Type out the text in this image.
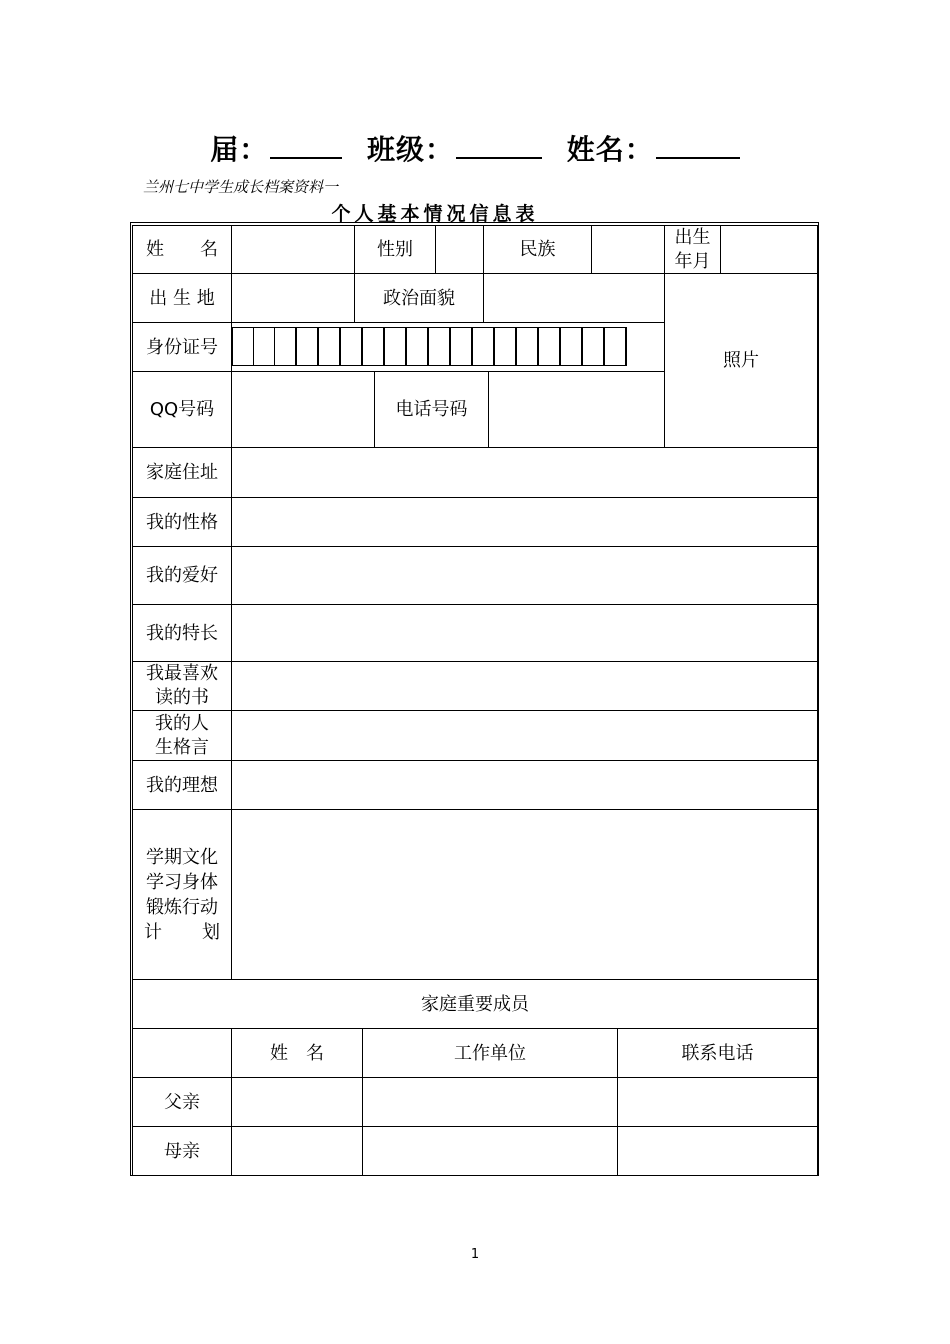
届：	班级：	姓名：
兰州七中学生成长档案资料一
个人基本情况信息表
姓　　名	性别	民族
出生
年月
出 生 地	政治面貌
照片
身份证号
QQ号码	电话号码
家庭住址
我的性格
我的爱好
我的特长
我最喜欢
读的书
我的人
生格言
我的理想
学期文化
学习身体
锻炼行动
计 划
家庭重要成员
姓　名	工作单位	联系电话
父亲
母亲
1
